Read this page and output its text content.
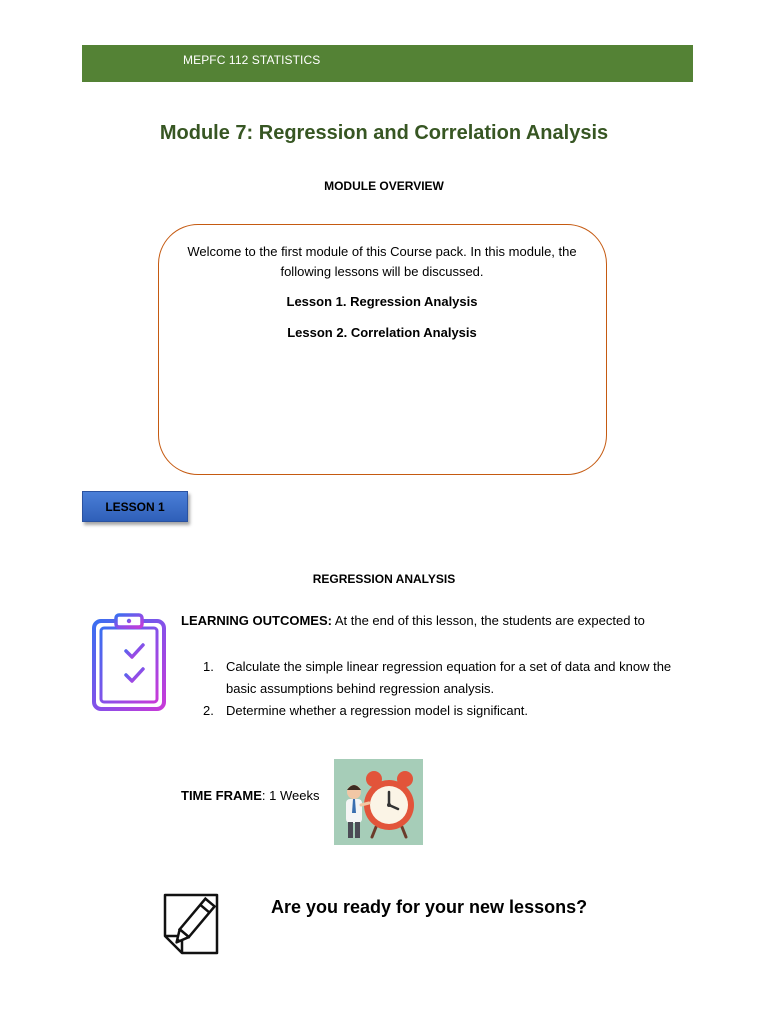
MEPFC 112 STATISTICS
Module 7: Regression and Correlation Analysis
MODULE OVERVIEW
Welcome to the first module of this Course pack. In this module, the following lessons will be discussed.
Lesson 1. Regression Analysis
Lesson 2. Correlation Analysis
LESSON 1
REGRESSION ANALYSIS
LEARNING OUTCOMES: At the end of this lesson, the students are expected to
1. Calculate the simple linear regression equation for a set of data and know the basic assumptions behind regression analysis.
2. Determine whether a regression model is significant.
TIME FRAME: 1 Weeks
Are you ready for your new lessons?
